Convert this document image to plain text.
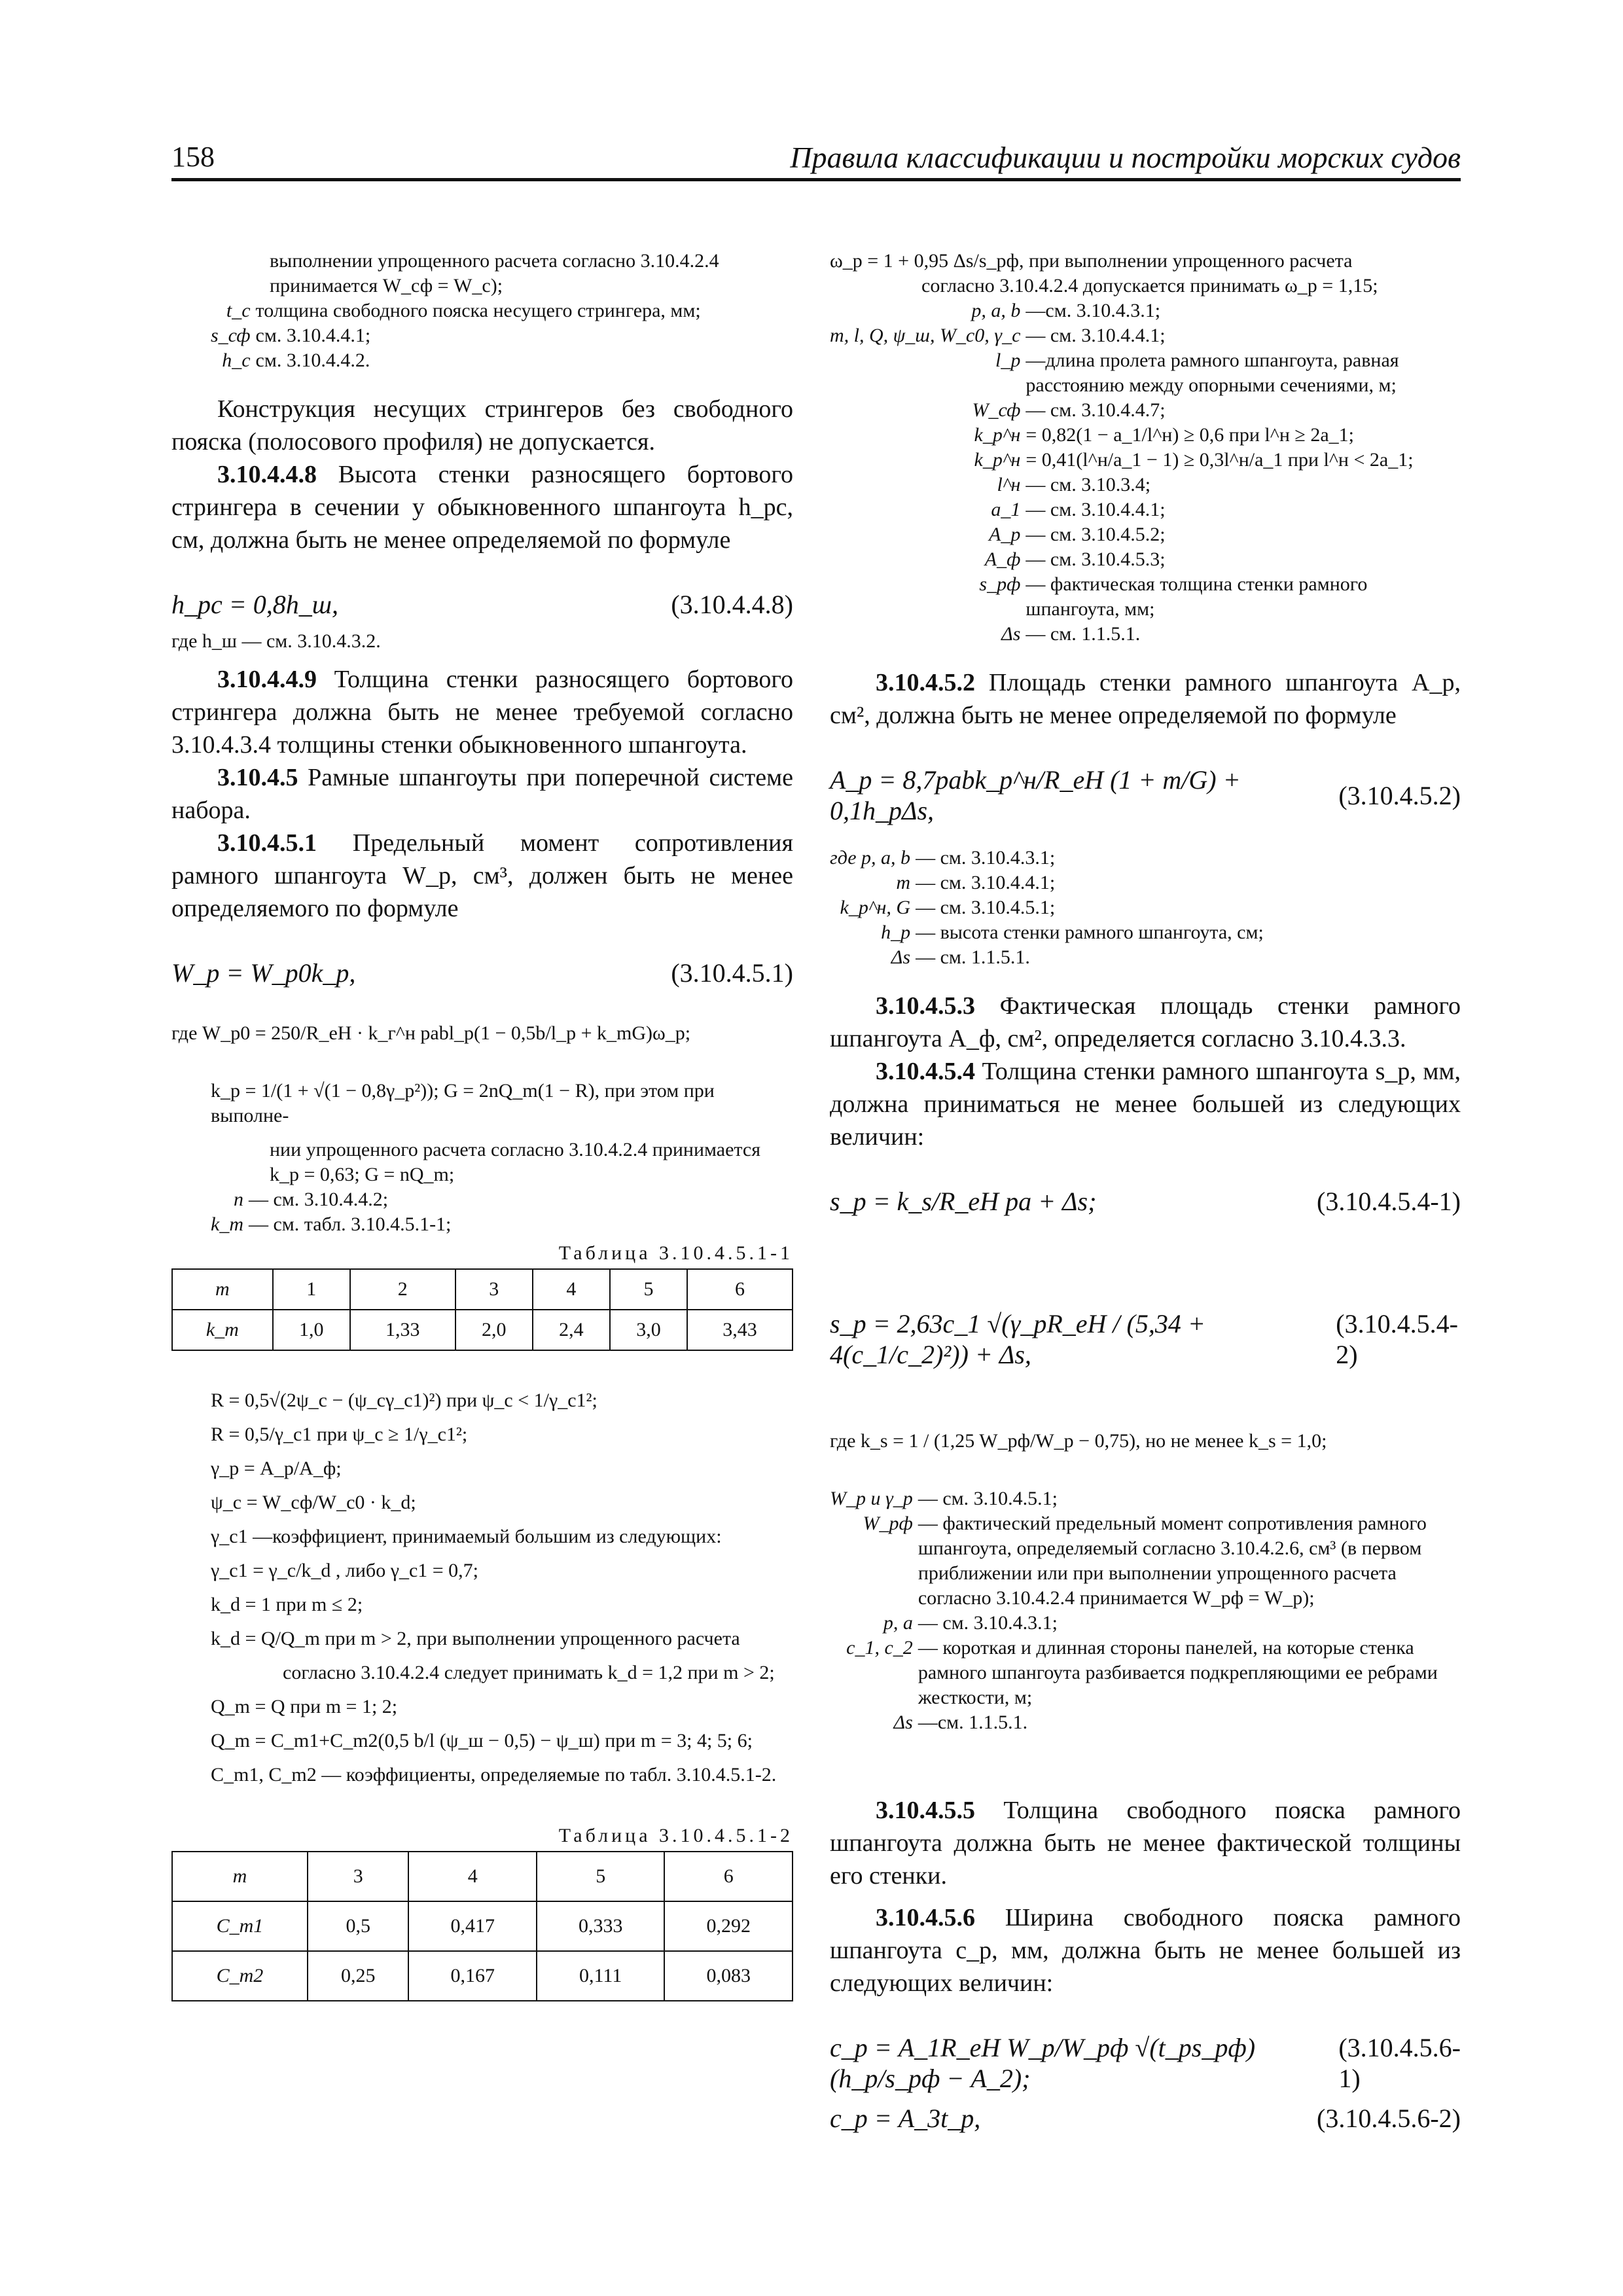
158	Правила классификации и постройки морских судов
выполнении упрощенного расчета согласно 3.10.4.2.4
принимается W_сф = W_с);
t_с толщина свободного пояска несущего стрингера, мм;
s_сф см. 3.10.4.4.1;
h_с см. 3.10.4.4.2.

Конструкция несущих стрингеров без свободного пояска (полосового профиля) не допускается.

3.10.4.4.8 Высота стенки разносящего бортового стрингера в сечении у обыкновенного шпангоута h_рс, см, должна быть не менее определяемой по формуле

h_рс = 0,8h_ш,	(3.10.4.4.8)
где h_ш — см. 3.10.4.3.2.

3.10.4.4.9 Толщина стенки разносящего бортового стрингера должна быть не менее требуемой согласно 3.10.4.3.4 толщины стенки обыкновенного шпангоута.

3.10.4.5 Рамные шпангоуты при поперечной системе набора.

3.10.4.5.1 Предельный момент сопротивления рамного шпангоута W_р, см³, должен быть не менее определяемого по формуле

W_р = W_р0k_р,	(3.10.4.5.1)
где W_р0 = 250/R_eH · k_г^н pabl_р(1 − 0,5b/l_р + k_mG)ω_р;
k_р = 1/(1 + √(1 − 0,8γ_р²)); G = 2nQ_m(1 − R), при этом при выполне-
нии упрощенного расчета согласно 3.10.4.2.4 принимается k_р = 0,63; G = nQ_m;
n — см. 3.10.4.4.2;
k_m — см. табл. 3.10.4.5.1-1;
Таблица 3.10.4.5.1-1
m	1	2	3	4	5	6
k_m	1,0	1,33	2,0	2,4	3,0	3,43
R = 0,5√(2ψ_с − (ψ_сγ_с1)²) при ψ_с < 1/γ_с1²;
R = 0,5/γ_с1 при ψ_с ≥ 1/γ_с1²;
γ_р = A_р/A_ф;
ψ_с = W_сф/W_с0 · k_d;
γ_с1 —коэффициент, принимаемый большим из следующих:
γ_с1 = γ_с/k_d , либо γ_с1 = 0,7;
k_d = 1 при m ≤ 2;
k_d = Q/Q_m при m > 2, при выполнении упрощенного расчета
согласно 3.10.4.2.4 следует принимать k_d = 1,2 при m > 2;
Q_m = Q при m = 1; 2;
Q_m = C_m1+C_m2(0,5 b/l (ψ_ш − 0,5) − ψ_ш) при m = 3; 4; 5; 6;
C_m1, C_m2 — коэффициенты, определяемые по табл. 3.10.4.5.1-2.
Таблица 3.10.4.5.1-2
m	3	4	5	6
C_m1	0,5	0,417	0,333	0,292
C_m2	0,25	0,167	0,111	0,083
ω_р = 1 + 0,95 Δs/s_рф, при выполнении упрощенного расчета
согласно 3.10.4.2.4 допускается принимать ω_р = 1,15;
p, a, b —см. 3.10.4.3.1;
m, l, Q, ψ_ш, W_с0, γ_с — см. 3.10.4.4.1;
l_р —длина пролета рамного шпангоута, равная расстоянию между опорными сечениями, м;
W_сф — см. 3.10.4.4.7;
k_р^н = 0,82(1 − a_1/l^н) ≥ 0,6 при l^н ≥ 2a_1;
k_р^н = 0,41(l^н/a_1 − 1) ≥ 0,3l^н/a_1 при l^н < 2a_1;
l^н — см. 3.10.3.4;
a_1 — см. 3.10.4.4.1;
A_р — см. 3.10.4.5.2;
A_ф — см. 3.10.4.5.3;
s_рф — фактическая толщина стенки рамного шпангоута, мм;
Δs — см. 1.1.5.1.

3.10.4.5.2 Площадь стенки рамного шпангоута A_р, см², должна быть не менее определяемой по формуле

A_р = 8,7pabk_р^н/R_eH (1 + m/G) + 0,1h_рΔs,
(3.10.4.5.2)
где p, a, b — см. 3.10.4.3.1;
m — см. 3.10.4.4.1;
k_р^н, G — см. 3.10.4.5.1;
h_р — высота стенки рамного шпангоута, см;
Δs — см. 1.1.5.1.

3.10.4.5.3 Фактическая площадь стенки рамного шпангоута A_ф, см², определяется согласно 3.10.4.3.3.

3.10.4.5.4 Толщина стенки рамного шпангоута s_р, мм, должна приниматься не менее большей из следующих величин:

s_р = k_s/R_eH pa + Δs;	(3.10.4.5.4-1)
s_р = 2,63c_1 √(γ_рR_eH / (5,34 + 4(c_1/c_2)²)) + Δs,
(3.10.4.5.4-2)
где k_s = 1 / (1,25 W_рф/W_р − 0,75), но не менее k_s = 1,0;
W_р и γ_р — см. 3.10.4.5.1;
W_рф — фактический предельный момент сопротивления рамного шпангоута, определяемый согласно 3.10.4.2.6, см³ (в первом приближении или при выполнении упрощенного расчета согласно 3.10.4.2.4 принимается W_рф = W_р);
p, a — см. 3.10.4.3.1;
c_1, c_2 — короткая и длинная стороны панелей, на которые стенка рамного шпангоута разбивается подкрепляющими ее ребрами жесткости, м;
Δs —см. 1.1.5.1.

3.10.4.5.5 Толщина свободного пояска рамного шпангоута должна быть не менее фактической толщины его стенки.

3.10.4.5.6 Ширина свободного пояска рамного шпангоута c_р, мм, должна быть не менее большей из следующих величин:

c_р = A_1R_eH W_р/W_рф √(t_рs_рф) (h_р/s_рф − A_2);
(3.10.4.5.6-1)
c_р = A_3t_р,	(3.10.4.5.6-2)
